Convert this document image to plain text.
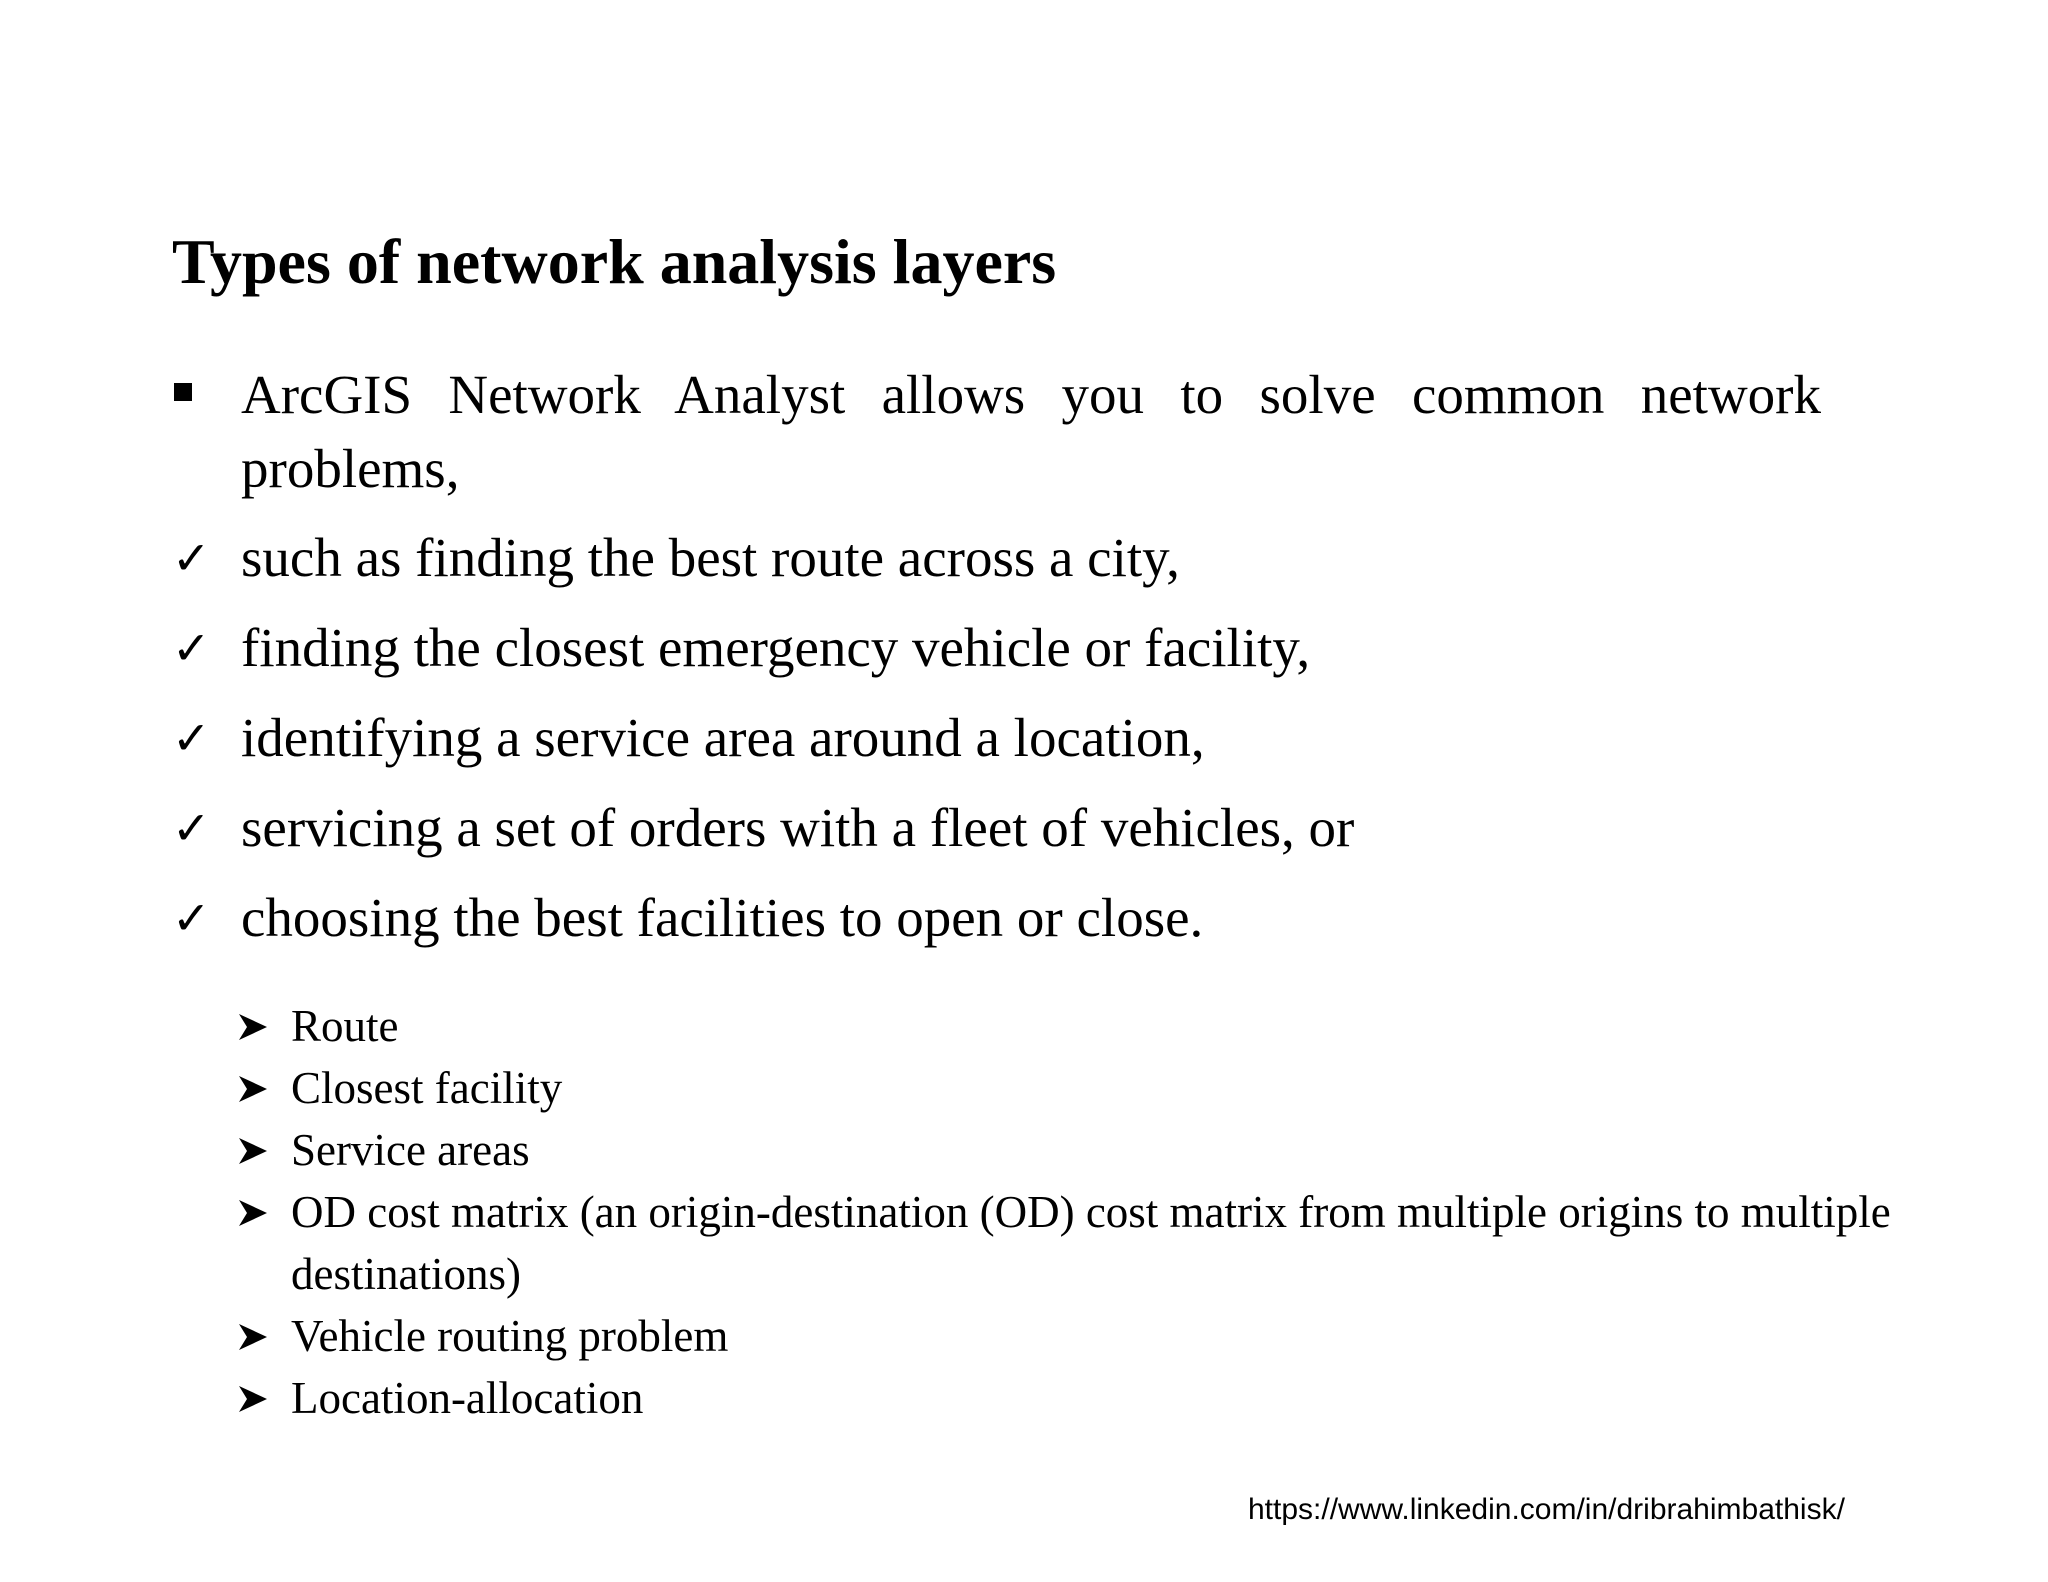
Types of network analysis layers

ArcGIS Network Analyst allows you to solve common network problems,

✓ such as finding the best route across a city,
✓ finding the closest emergency vehicle or facility,
✓ identifying a service area around a location,
✓ servicing a set of orders with a fleet of vehicles, or
✓ choosing the best facilities to open or close.
Route
Closest facility
Service areas
OD cost matrix (an origin-destination (OD) cost matrix from multiple origins to multiple destinations)
Vehicle routing problem
Location-allocation

https://www.linkedin.com/in/dribrahimbathisk/
